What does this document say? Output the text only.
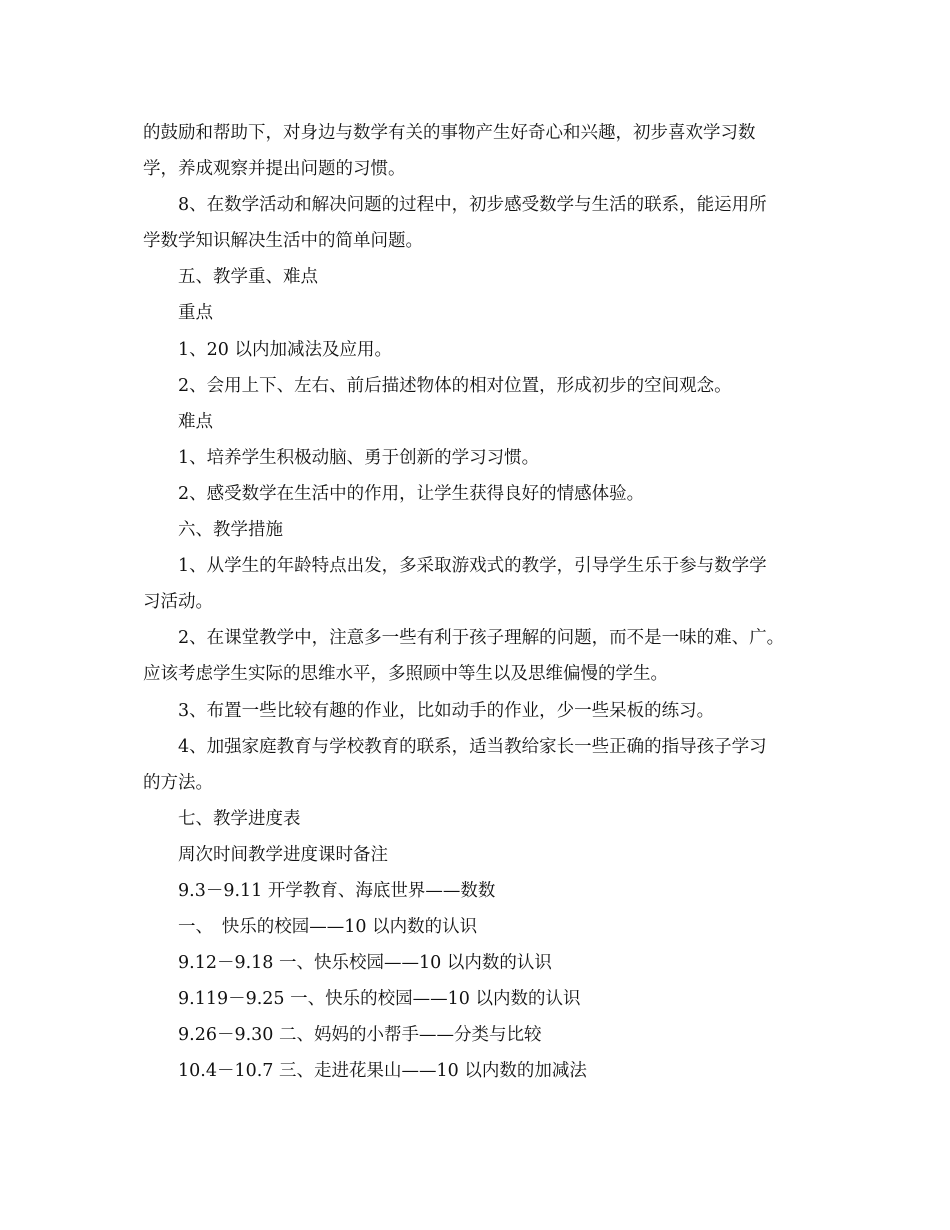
的鼓励和帮助下，对身边与数学有关的事物产生好奇心和兴趣，初步喜欢学习数
学，养成观察并提出问题的习惯。
8、在数学活动和解决问题的过程中，初步感受数学与生活的联系，能运用所
学数学知识解决生活中的简单问题。
五、教学重、难点
重点
1、20 以内加减法及应用。
2、会用上下、左右、前后描述物体的相对位置，形成初步的空间观念。
难点
1、培养学生积极动脑、勇于创新的学习习惯。
2、感受数学在生活中的作用，让学生获得良好的情感体验。
六、教学措施
1、从学生的年龄特点出发，多采取游戏式的教学，引导学生乐于参与数学学
习活动。
2、在课堂教学中，注意多一些有利于孩子理解的问题，而不是一味的难、广。
应该考虑学生实际的思维水平，多照顾中等生以及思维偏慢的学生。
3、布置一些比较有趣的作业，比如动手的作业，少一些呆板的练习。
4、加强家庭教育与学校教育的联系，适当教给家长一些正确的指导孩子学习
的方法。
七、教学进度表
周次时间教学进度课时备注
9.3－9.11 开学教育、海底世界——数数
一、　快乐的校园——10 以内数的认识
9.12－9.18 一、快乐校园——10 以内数的认识
9.119－9.25 一、快乐的校园——10 以内数的认识
9.26－9.30 二、妈妈的小帮手——分类与比较
10.4－10.7 三、走进花果山——10 以内数的加减法
